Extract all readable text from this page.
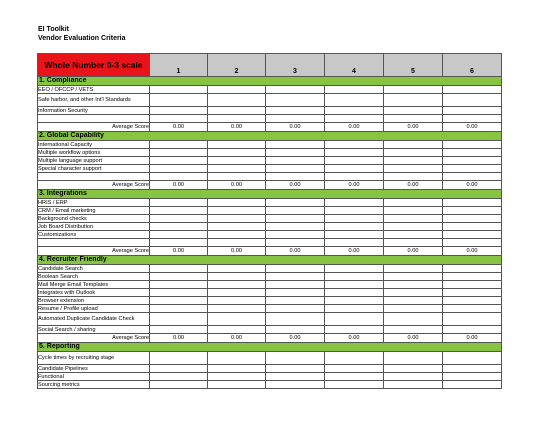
EI Toolkit
Vendor Evaluation Criteria
Whole Number 0-3 scale	1	2	3	4	5	6
1. Compliance						
EEO / OFCCP / VETS						
Safe harbor, and other Int'l Standards						
Information Security						

Average Score	0.00	0.00	0.00	0.00	0.00	0.00
2. Global Capability						
International Capacity						
Multiple workflow options						
Multiple language support						
Special character support						

Average Score	0.00	0.00	0.00	0.00	0.00	0.00
3. Integrations						
HRIS / ERP						
CRM / Email marketing						
Background checks						
Job Board Distribution						
Customizations						

Average Score	0.00	0.00	0.00	0.00	0.00	0.00
4. Recruiter Friendly						
Candidate Search						
Boolean Search						
Mail Merge Email Templates						
Integrates with Outlook						
Browser extension						
Resume / Profile upload						
Automated Duplicate Candidate Check						
Social Search / sharing						
Average Score	0.00	0.00	0.00	0.00	0.00	0.00
5. Reporting						
Cycle times by recruiting stage						
Candidate Pipelines						
Functional						
Sourcing metrics						
